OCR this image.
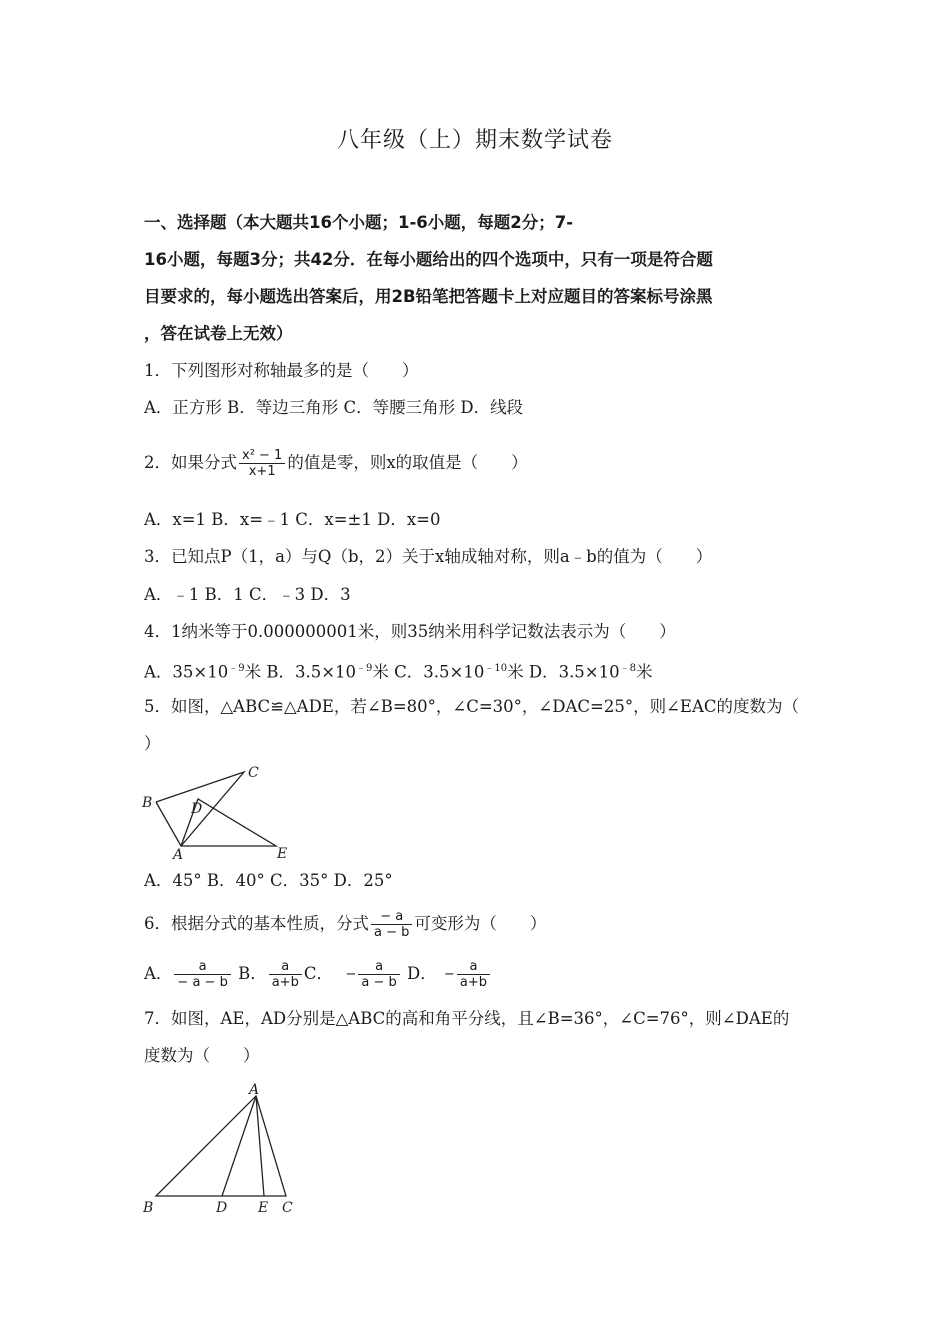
八年级（上）期末数学试卷
一、选择题（本大题共16个小题；1-6小题，每题2分；7-
16小题，每题3分；共42分．在每小题给出的四个选项中，只有一项是符合题
目要求的，每小题选出答案后，用2B铅笔把答题卡上对应题目的答案标号涂黑
，答在试卷上无效）
1．下列图形对称轴最多的是（　　）
A．正方形 B．等边三角形 C．等腰三角形 D．线段
2．如果分式 $\frac{\text{x² − 1}}{x+1}$ 的值是零，则x的取值是（　　）
A．x=1 B．x=﹣1 C．x=±1 D．x=0
3．已知点P（1，a）与Q（b，2）关于x轴成轴对称，则a﹣b的值为（　　）
A．﹣1 B．1 C．﹣3 D．3
4．1纳米等于0.000000001米，则35纳米用科学记数法表示为（　　）
A．$35\times 10^{﹣9}$米 B．$3.5\times 10^{﹣9}$米 C．$3.5\times 10^{﹣10}$米 D．$3.5\times 10^{﹣8}$米
5．如图，△ABC≌△ADE，若∠B=80°，∠C=30°，∠DAC=25°，则∠EAC的度数为（
）
B
C
D
A	E
A．45° B．40° C．35° D．25°
6．根据分式的基本性质，分式 $\frac{- a}{a - b}$ 可变形为（　　）
A． $\frac{a}{- a - b}$ B． $\frac{a}{a+b}$ C． − $\frac{a}{a - b}$ D． − $\frac{a}{a+b}$
7．如图，AE，AD分别是△ABC的高和角平分线，且∠B=36°，∠C=76°，则∠DAE的
度数为（　　）
A
B	D E C
